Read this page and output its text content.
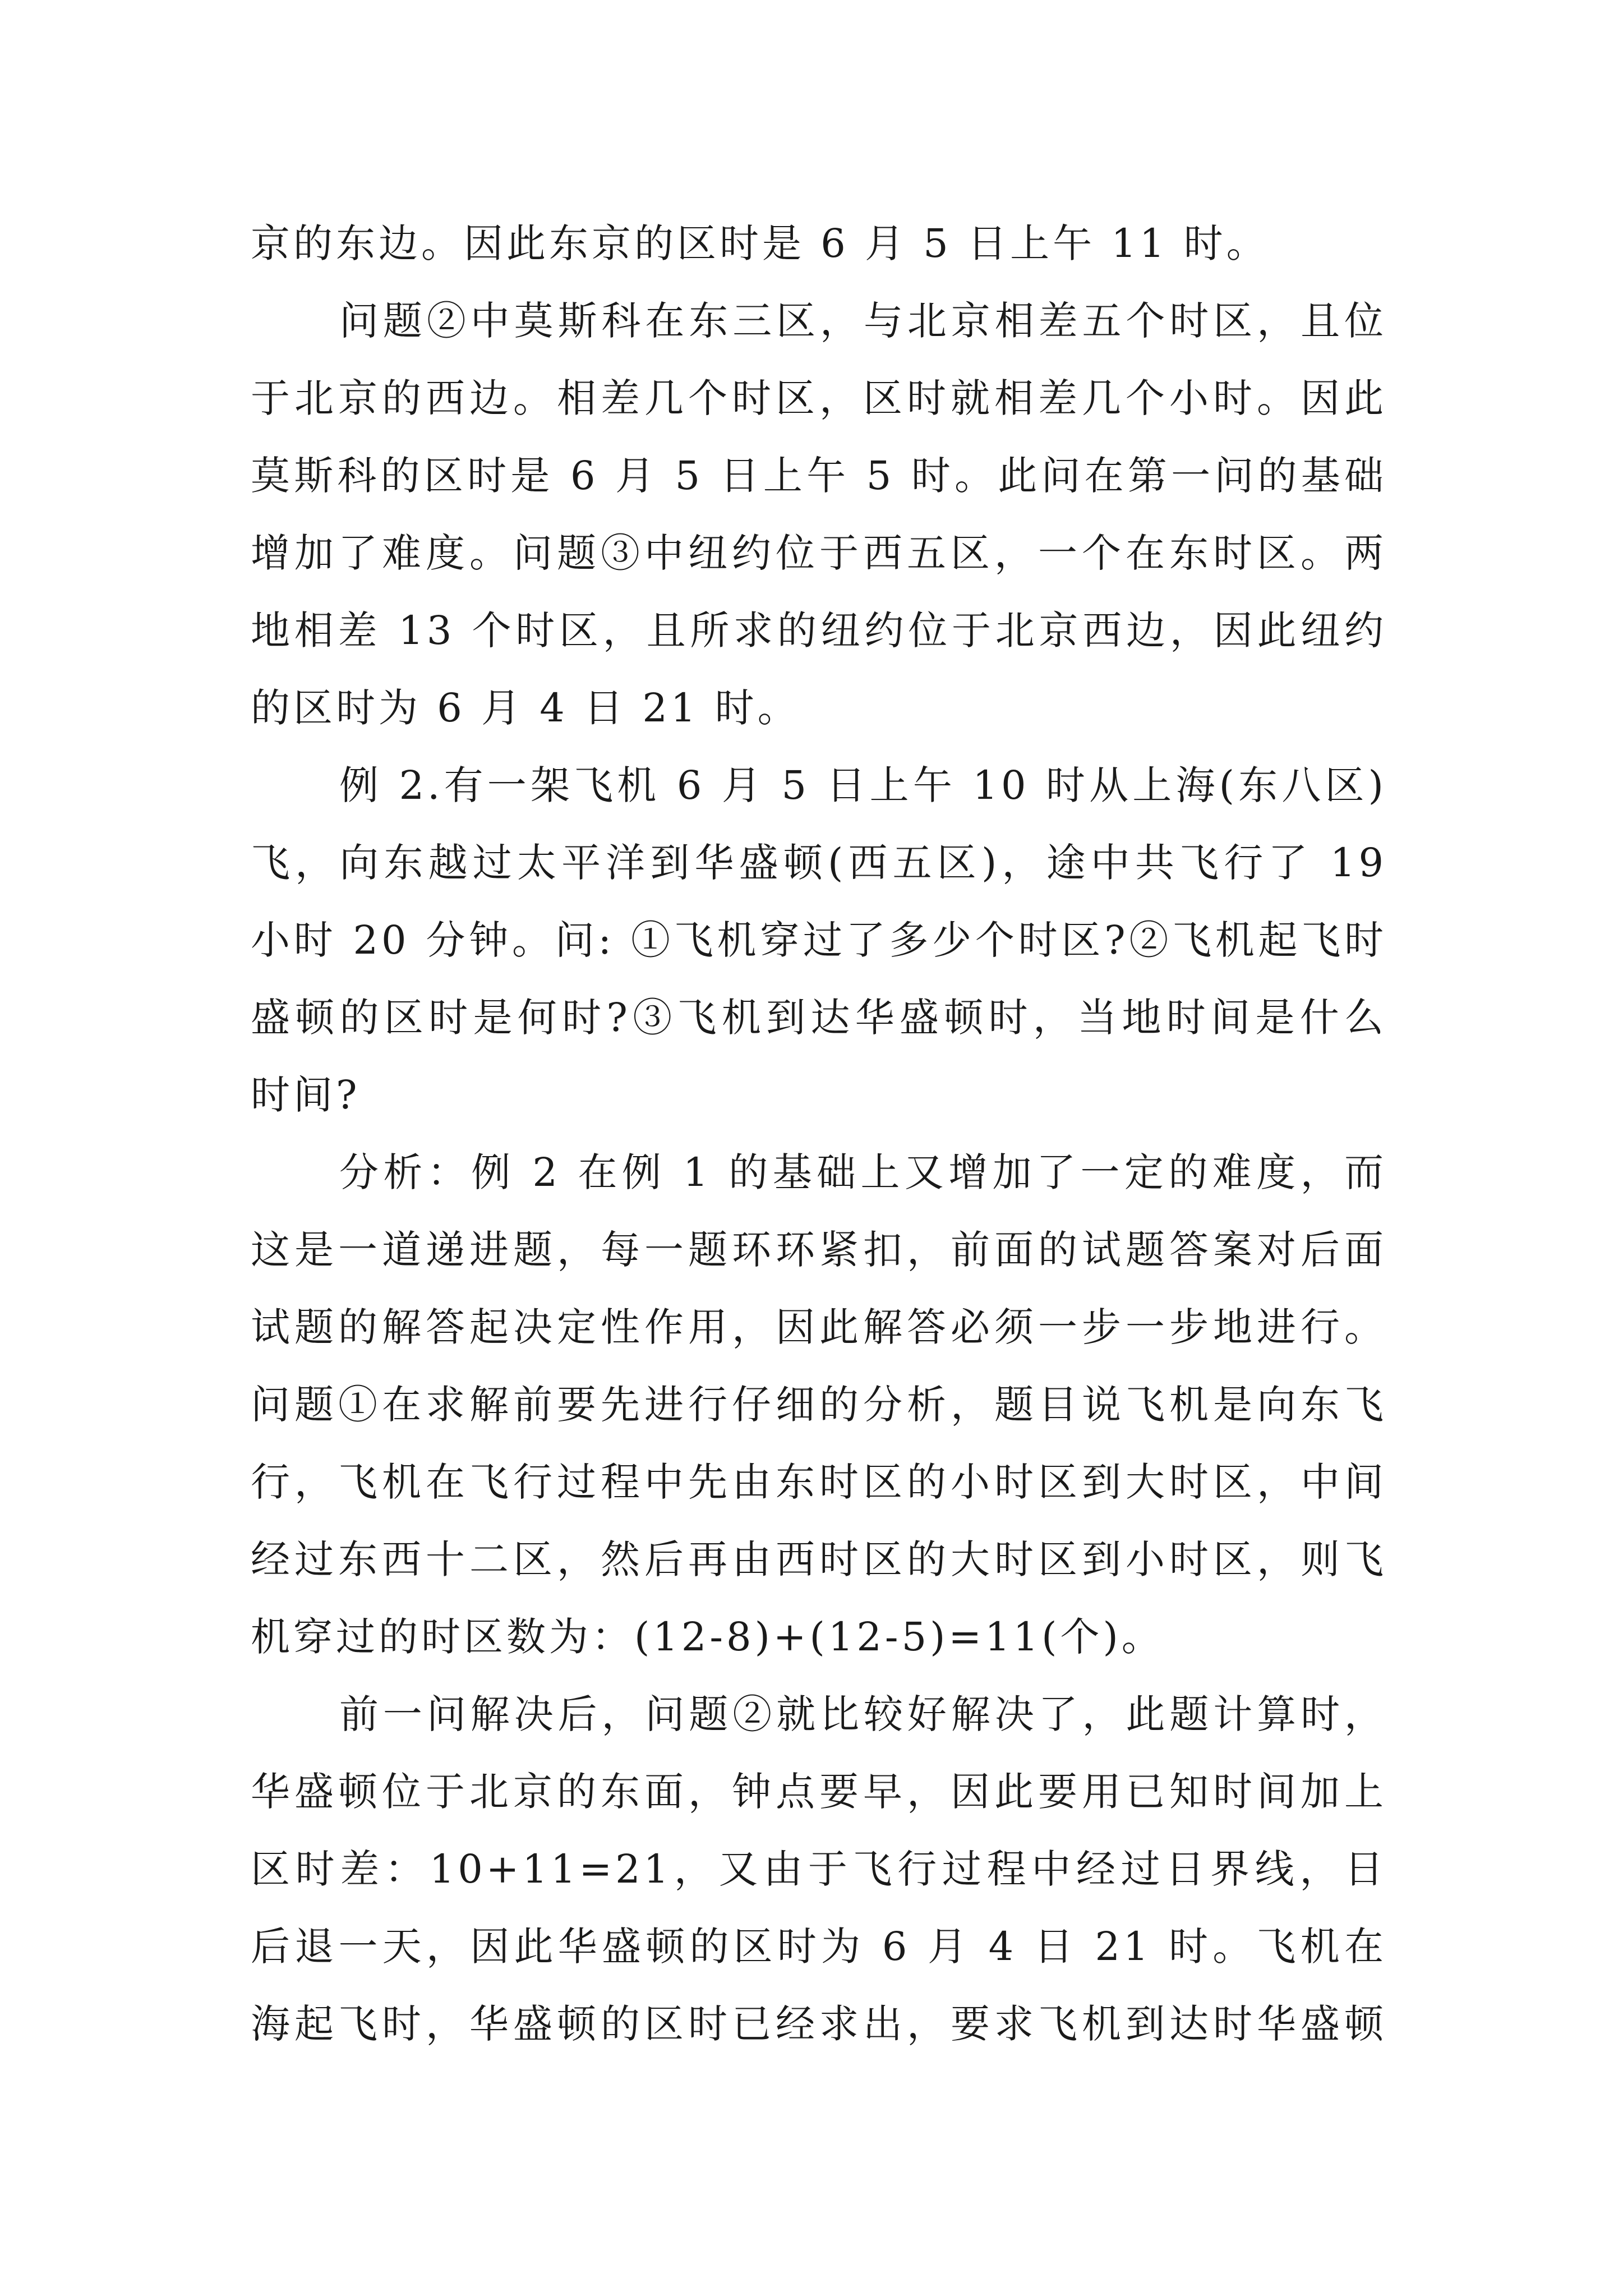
京的东边。因此东京的区时是 6 月 5 日上午 11 时。
问题②中莫斯科在东三区，与北京相差五个时区，且位
于北京的西边。相差几个时区，区时就相差几个小时。因此
莫斯科的区时是 6 月 5 日上午 5 时。此问在第一问的基础
增加了难度。问题③中纽约位于西五区，一个在东时区。两
地相差 13 个时区，且所求的纽约位于北京西边，因此纽约
的区时为 6 月 4 日 21 时。
例 2.有一架飞机 6 月 5 日上午 10 时从上海(东八区)
飞，向东越过太平洋到华盛顿(西五区)，途中共飞行了 19
小时 20 分钟。问: ①飞机穿过了多少个时区?②飞机起飞时
盛顿的区时是何时?③飞机到达华盛顿时，当地时间是什么
时间?
分析：例 2 在例 1 的基础上又增加了一定的难度，而
这是一道递进题，每一题环环紧扣，前面的试题答案对后面
试题的解答起决定性作用，因此解答必须一步一步地进行。
问题①在求解前要先进行仔细的分析，题目说飞机是向东飞
行，飞机在飞行过程中先由东时区的小时区到大时区，中间
经过东西十二区，然后再由西时区的大时区到小时区，则飞
机穿过的时区数为：(12-8)+(12-5)=11(个)。
前一问解决后，问题②就比较好解决了，此题计算时，
华盛顿位于北京的东面，钟点要早，因此要用已知时间加上
区时差：10+11=21，又由于飞行过程中经过日界线，日
后退一天，因此华盛顿的区时为 6 月 4 日 21 时。飞机在
海起飞时，华盛顿的区时已经求出，要求飞机到达时华盛顿
